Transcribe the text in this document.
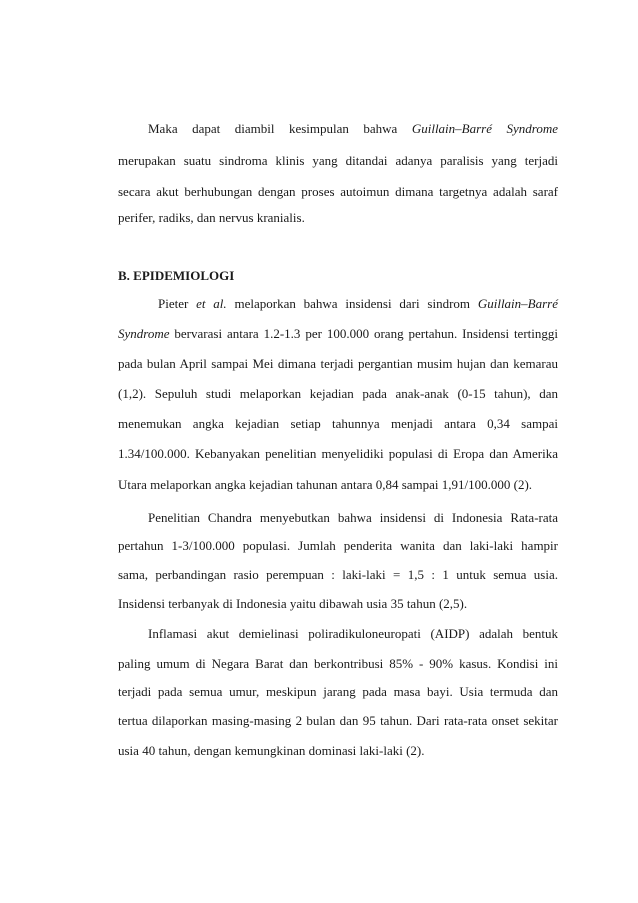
Maka dapat diambil kesimpulan bahwa Guillain–Barré Syndrome
merupakan suatu sindroma klinis yang ditandai adanya paralisis yang terjadi
secara akut berhubungan dengan proses autoimun dimana targetnya adalah saraf
perifer, radiks, dan nervus kranialis.
B. EPIDEMIOLOGI
Pieter et al. melaporkan bahwa insidensi dari sindrom Guillain–Barré
Syndrome bervarasi antara 1.2-1.3 per 100.000 orang pertahun. Insidensi tertinggi
pada bulan April sampai Mei dimana terjadi pergantian musim hujan dan kemarau
(1,2). Sepuluh studi melaporkan kejadian pada anak-anak (0-15 tahun), dan
menemukan angka kejadian setiap tahunnya menjadi antara 0,34 sampai
1.34/100.000. Kebanyakan penelitian menyelidiki populasi di Eropa dan Amerika
Utara melaporkan angka kejadian tahunan antara 0,84 sampai 1,91/100.000 (2).
Penelitian Chandra menyebutkan bahwa insidensi di Indonesia Rata-rata
pertahun 1-3/100.000 populasi. Jumlah penderita wanita dan laki-laki hampir
sama, perbandingan rasio perempuan : laki-laki = 1,5 : 1 untuk semua usia.
Insidensi terbanyak di Indonesia yaitu dibawah usia 35 tahun (2,5).
Inflamasi akut demielinasi poliradikuloneuropati (AIDP) adalah bentuk
paling umum di Negara Barat dan berkontribusi 85% - 90% kasus. Kondisi ini
terjadi pada semua umur, meskipun jarang pada masa bayi. Usia termuda dan
tertua dilaporkan masing-masing 2 bulan dan 95 tahun. Dari rata-rata onset sekitar
usia 40 tahun, dengan kemungkinan dominasi laki-laki (2).
